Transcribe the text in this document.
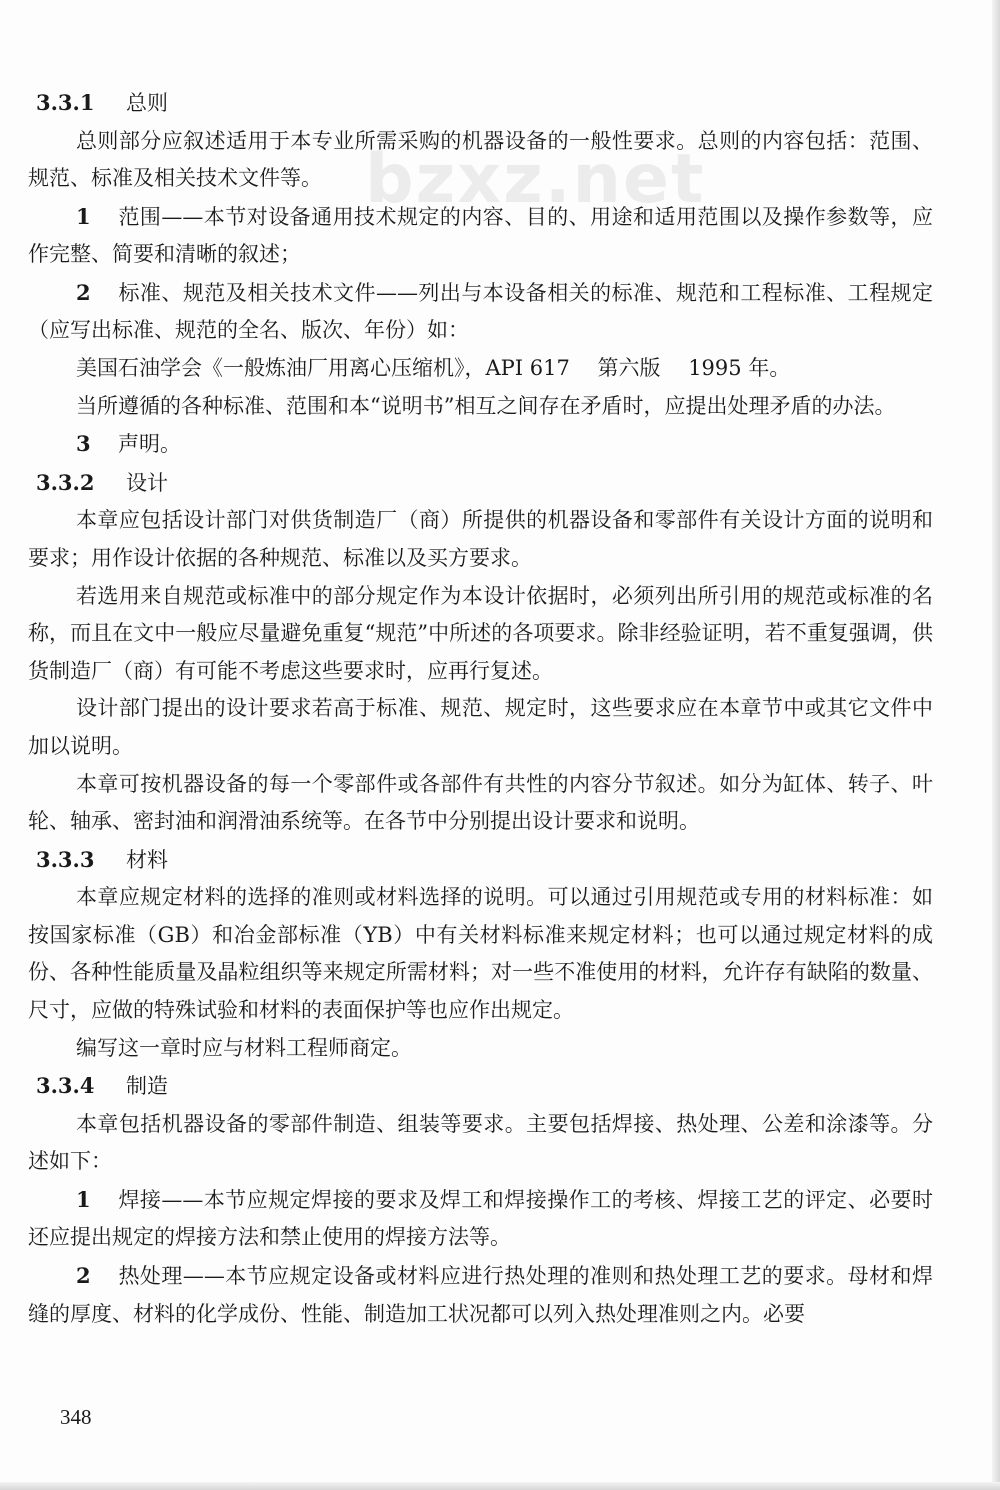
bzxz.net
3.3.1 总则

总则部分应叙述适用于本专业所需采购的机器设备的一般性要求。总则的内容包括：范围、规范、标准及相关技术文件等。

1 范围——本节对设备通用技术规定的内容、目的、用途和适用范围以及操作参数等，应作完整、简要和清晰的叙述；

2 标准、规范及相关技术文件——列出与本设备相关的标准、规范和工程标准、工程规定（应写出标准、规范的全名、版次、年份）如：

美国石油学会《一般炼油厂用离心压缩机》，API 617　 第六版　 1995 年。

当所遵循的各种标准、范围和本“说明书”相互之间存在矛盾时，应提出处理矛盾的办法。

3 声明。

3.3.2 设计

本章应包括设计部门对供货制造厂（商）所提供的机器设备和零部件有关设计方面的说明和要求；用作设计依据的各种规范、标准以及买方要求。

若选用来自规范或标准中的部分规定作为本设计依据时，必须列出所引用的规范或标准的名称，而且在文中一般应尽量避免重复“规范”中所述的各项要求。除非经验证明，若不重复强调，供货制造厂（商）有可能不考虑这些要求时，应再行复述。

设计部门提出的设计要求若高于标准、规范、规定时，这些要求应在本章节中或其它文件中加以说明。

本章可按机器设备的每一个零部件或各部件有共性的内容分节叙述。如分为缸体、转子、叶轮、轴承、密封油和润滑油系统等。在各节中分别提出设计要求和说明。

3.3.3 材料

本章应规定材料的选择的准则或材料选择的说明。可以通过引用规范或专用的材料标准：如按国家标准（GB）和冶金部标准（YB）中有关材料标准来规定材料；也可以通过规定材料的成份、各种性能质量及晶粒组织等来规定所需材料；对一些不准使用的材料，允许存有缺陷的数量、尺寸，应做的特殊试验和材料的表面保护等也应作出规定。

编写这一章时应与材料工程师商定。

3.3.4 制造

本章包括机器设备的零部件制造、组装等要求。主要包括焊接、热处理、公差和涂漆等。分述如下：

1 焊接——本节应规定焊接的要求及焊工和焊接操作工的考核、焊接工艺的评定、必要时还应提出规定的焊接方法和禁止使用的焊接方法等。

2 热处理——本节应规定设备或材料应进行热处理的准则和热处理工艺的要求。母材和焊缝的厚度、材料的化学成份、性能、制造加工状况都可以列入热处理准则之内。必要

348
